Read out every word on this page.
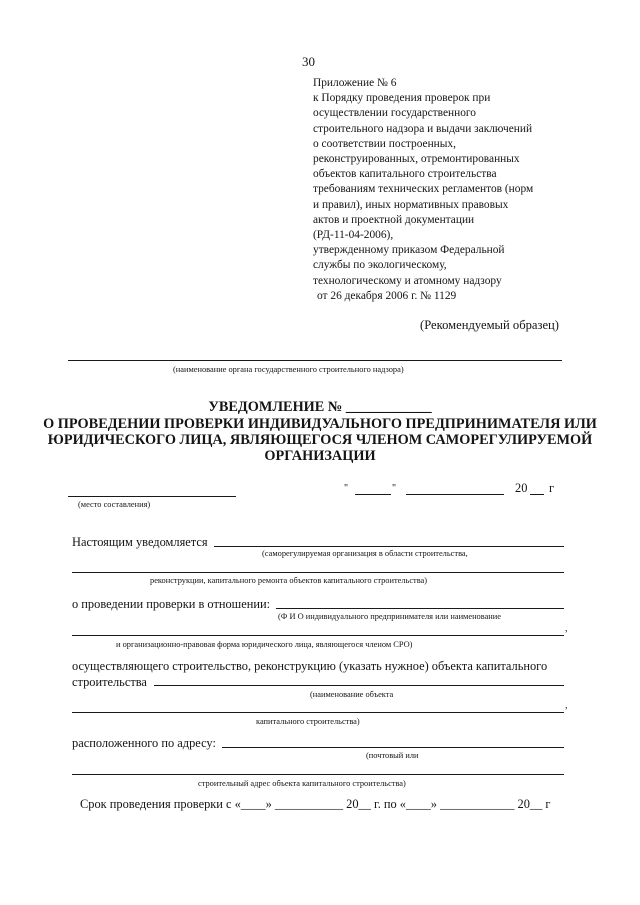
30
Приложение № 6
к Порядку проведения проверок при
осуществлении государственного
строительного надзора и выдачи заключений
о соответствии построенных,
реконструированных, отремонтированных
объектов капитального строительства
требованиям технических регламентов (норм
и правил), иных нормативных правовых
актов и проектной документации
(РД-11-04-2006),
утвержденному приказом Федеральной
службы по экологическому,
технологическому и атомному надзору
от 26 декабря 2006 г. № 1129
(Рекомендуемый образец)
(наименование органа государственного строительного надзора)
УВЕДОМЛЕНИЕ № ____________
О ПРОВЕДЕНИИ ПРОВЕРКИ ИНДИВИДУАЛЬНОГО ПРЕДПРИНИМАТЕЛЯ ИЛИ
ЮРИДИЧЕСКОГО ЛИЦА, ЯВЛЯЮЩЕГОСЯ ЧЛЕНОМ САМОРЕГУЛИРУЕМОЙ
ОРГАНИЗАЦИИ
(место составления)
"	"	20 г
Настоящим уведомляется
(саморегулируемая организация в области строительства,
реконструкции, капитального ремонта объектов капитального строительства)
о проведении проверки в отношении:
(Ф И О индивидуального предпринимателя или наименование
,
и организационно-правовая форма юридического лица, являющегося членом СРО)
осуществляющего строительство, реконструкцию (указать нужное) объекта капитального
строительства
(наименование объекта
,
капитального строительства)
расположенного по адресу:
(почтовый или
строительный адрес объекта капитального строительства)
Срок проведения проверки с «____» ___________ 20__ г. по «____» ____________ 20__ г
